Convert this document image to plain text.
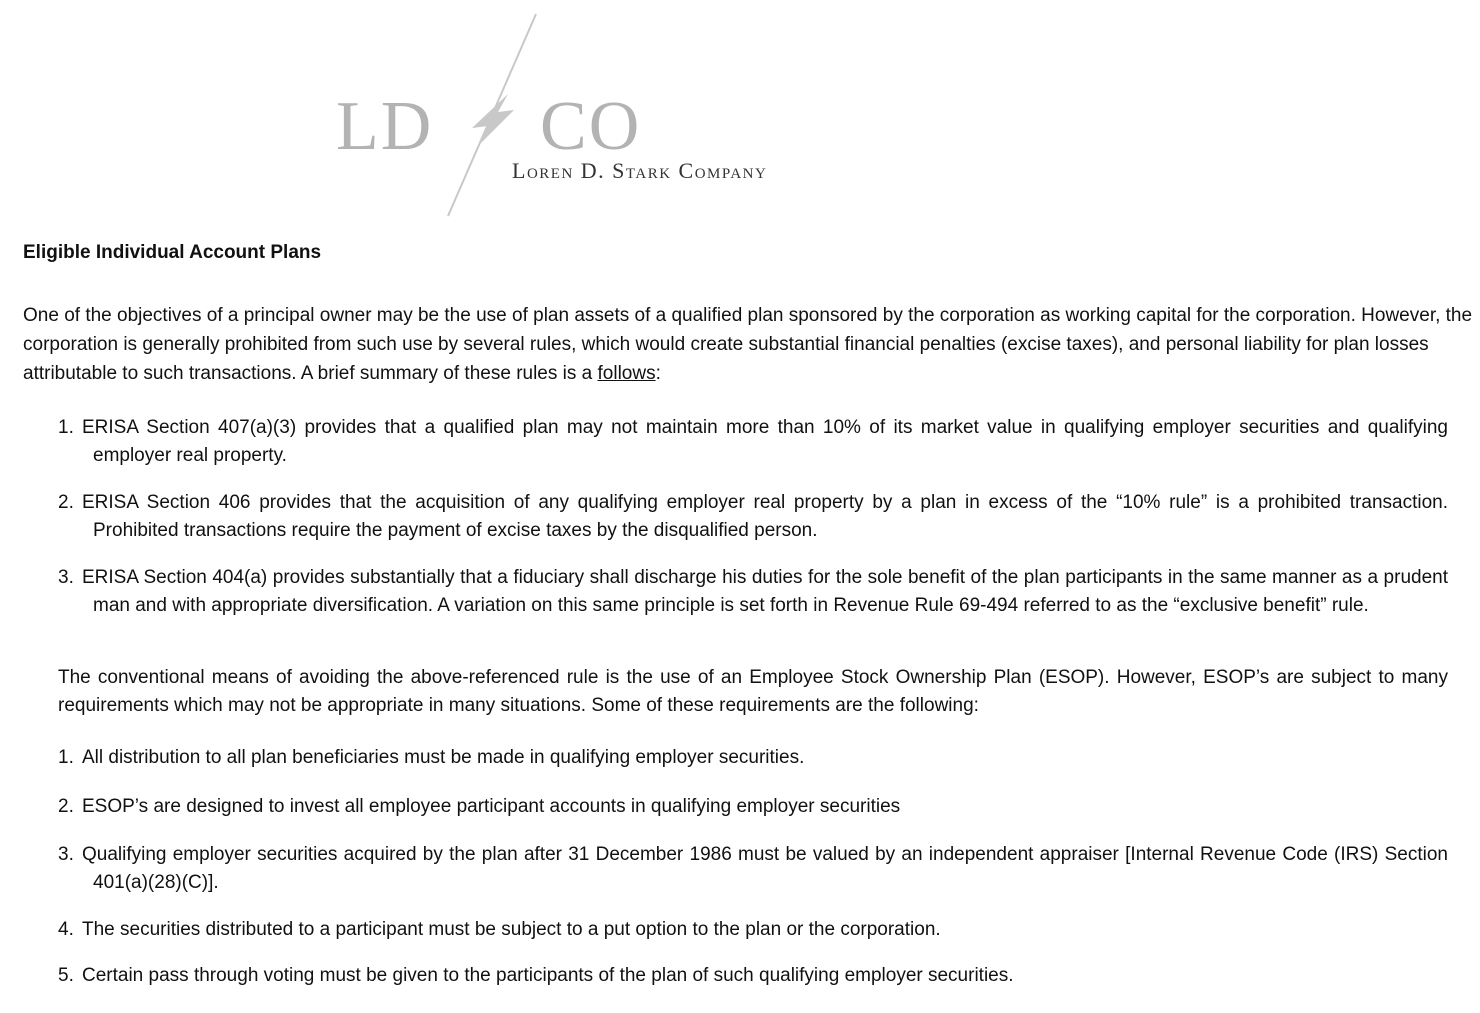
LD CO
Loren D. Stark Company
Eligible Individual Account Plans

One of the objectives of a principal owner may be the use of plan assets of a qualified plan sponsored by the corporation as working capital for the corporation. However, the corporation is generally prohibited from such use by several rules, which would create substantial financial penalties (excise taxes), and personal liability for plan losses attributable to such transactions. A brief summary of these rules is a follows:

1. ERISA Section 407(a)(3) provides that a qualified plan may not maintain more than 10% of its market value in qualifying employer securities and qualifying employer real property.
2. ERISA Section 406 provides that the acquisition of any qualifying employer real property by a plan in excess of the “10% rule” is a prohibited transaction. Prohibited transactions require the payment of excise taxes by the disqualified person.
3. ERISA Section 404(a) provides substantially that a fiduciary shall discharge his duties for the sole benefit of the plan participants in the same manner as a prudent man and with appropriate diversification. A variation on this same principle is set forth in Revenue Rule 69-494 referred to as the “exclusive benefit” rule.

The conventional means of avoiding the above-referenced rule is the use of an Employee Stock Ownership Plan (ESOP). However, ESOP’s are subject to many requirements which may not be appropriate in many situations. Some of these requirements are the following:

1. All distribution to all plan beneficiaries must be made in qualifying employer securities.
2. ESOP’s are designed to invest all employee participant accounts in qualifying employer securities
3. Qualifying employer securities acquired by the plan after 31 December 1986 must be valued by an independent appraiser [Internal Revenue Code (IRS) Section 401(a)(28)(C)].
4. The securities distributed to a participant must be subject to a put option to the plan or the corporation.
5. Certain pass through voting must be given to the participants of the plan of such qualifying employer securities.
